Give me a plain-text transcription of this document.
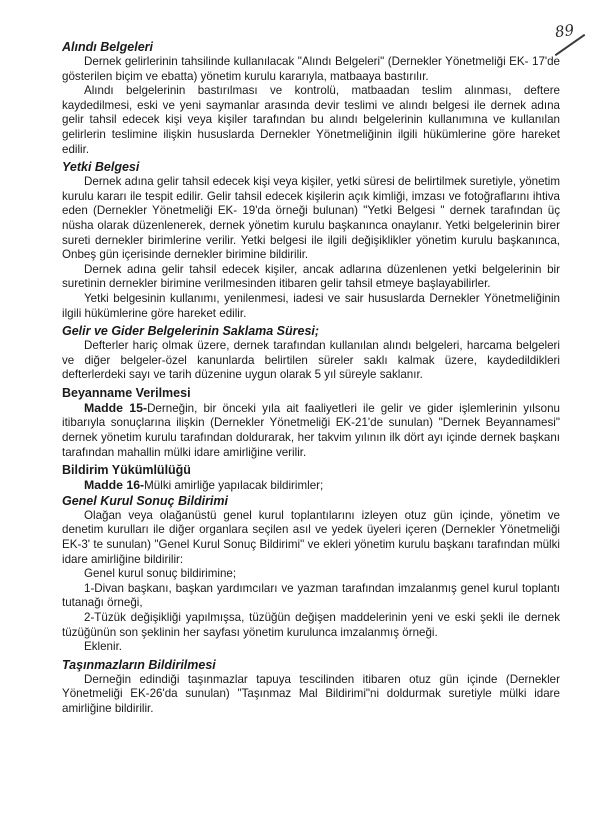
89
Alındı Belgeleri

Dernek gelirlerinin tahsilinde kullanılacak "Alındı Belgeleri" (Dernekler Yönetmeliği EK- 17'de gösterilen biçim ve ebatta) yönetim kurulu kararıyla, matbaaya bastırılır.

Alındı belgelerinin bastırılması ve kontrolü, matbaadan teslim alınması, deftere kaydedilmesi, eski ve yeni saymanlar arasında devir teslimi ve alındı belgesi ile dernek adına gelir tahsil edecek kişi veya kişiler tarafından bu alındı belgelerinin kullanımına ve kullanılan gelirlerin teslimine ilişkin hususlarda Dernekler Yönetmeliğinin ilgili hükümlerine göre hareket edilir.

Yetki Belgesi

Dernek adına gelir tahsil edecek kişi veya kişiler, yetki süresi de belirtilmek suretiyle, yönetim kurulu kararı ile tespit edilir. Gelir tahsil edecek kişilerin açık kimliği, imzası ve fotoğraflarını ihtiva eden (Dernekler Yönetmeliği EK- 19'da örneği bulunan) "Yetki Belgesi " dernek tarafından üç nüsha olarak düzenlenerek, dernek yönetim kurulu başkanınca onaylanır. Yetki belgelerinin birer sureti dernekler birimlerine verilir. Yetki belgesi ile ilgili değişiklikler yönetim kurulu başkanınca, Onbeş gün içerisinde dernekler birimine bildirilir.

Dernek adına gelir tahsil edecek kişiler, ancak adlarına düzenlenen yetki belgelerinin bir suretinin dernekler birimine verilmesinden itibaren gelir tahsil etmeye başlayabilirler.

Yetki belgesinin kullanımı, yenilenmesi, iadesi ve sair hususlarda Dernekler Yönetmeliğinin ilgili hükümlerine göre hareket edilir.

Gelir ve Gider Belgelerinin Saklama Süresi;

Defterler hariç olmak üzere, dernek tarafından kullanılan alındı belgeleri, harcama belgeleri ve diğer belgeler-özel kanunlarda belirtilen süreler saklı kalmak üzere, kaydedildikleri defterlerdeki sayı ve tarih düzenine uygun olarak 5 yıl süreyle saklanır.

Beyanname Verilmesi

Madde 15-Derneğin, bir önceki yıla ait faaliyetleri ile gelir ve gider işlemlerinin yılsonu itibarıyla sonuçlarına ilişkin (Dernekler Yönetmeliği EK-21'de sunulan) "Dernek Beyannamesi" dernek yönetim kurulu tarafından doldurarak, her takvim yılının ilk dört ayı içinde dernek başkanı tarafından mahallin mülki idare amirliğine verilir.

Bildirim Yükümlülüğü

Madde 16-Mülki amirliğe yapılacak bildirimler;

Genel Kurul Sonuç Bildirimi

Olağan veya olağanüstü genel kurul toplantılarını izleyen otuz gün içinde, yönetim ve denetim kurulları ile diğer organlara seçilen asıl ve yedek üyeleri içeren (Dernekler Yönetmeliği EK-3' te sunulan) "Genel Kurul Sonuç Bildirimi" ve ekleri yönetim kurulu başkanı tarafından mülki idare amirliğine bildirilir:

Genel kurul sonuç bildirimine;

1-Divan başkanı, başkan yardımcıları ve yazman tarafından imzalanmış genel kurul toplantı tutanağı örneği,

2-Tüzük değişikliği yapılmışsa, tüzüğün değişen maddelerinin yeni ve eski şekli ile dernek tüzüğünün son şeklinin her sayfası yönetim kurulunca imzalanmış örneği.

Eklenir.

Taşınmazların Bildirilmesi

Derneğin edindiği taşınmazlar tapuya tescilinden itibaren otuz gün içinde (Dernekler Yönetmeliği EK-26'da sunulan) "Taşınmaz Mal Bildirimi"ni doldurmak suretiyle mülki idare amirliğine bildirilir.
